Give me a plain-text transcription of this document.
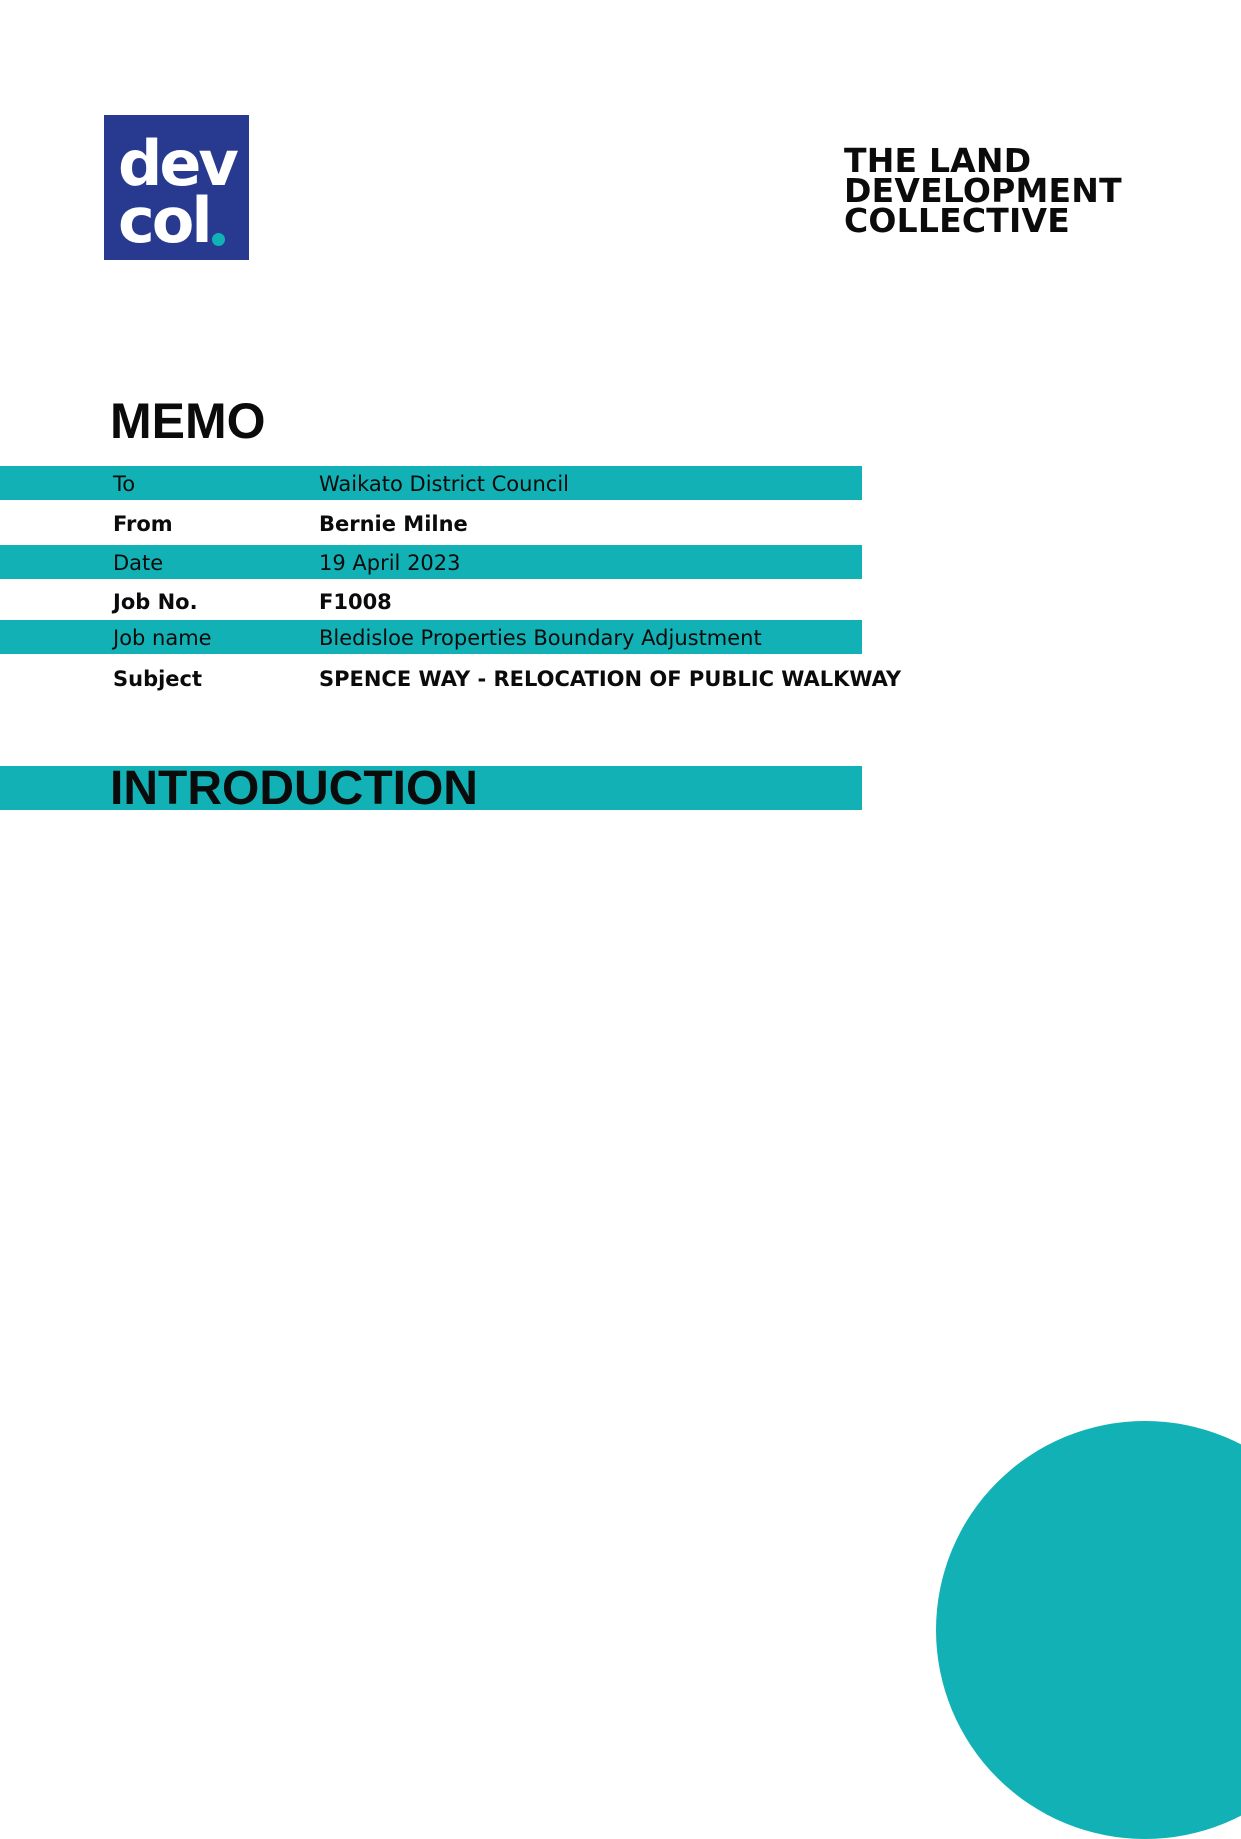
dev
col
THE LAND
DEVELOPMENT
COLLECTIVE
MEMO
To	Waikato District Council
From	Bernie Milne
Date	19 April 2023
Job No.	F1008
Job name	Bledisloe Properties Boundary Adjustment
Subject	SPENCE WAY - RELOCATION OF PUBLIC WALKWAY
INTRODUCTION
